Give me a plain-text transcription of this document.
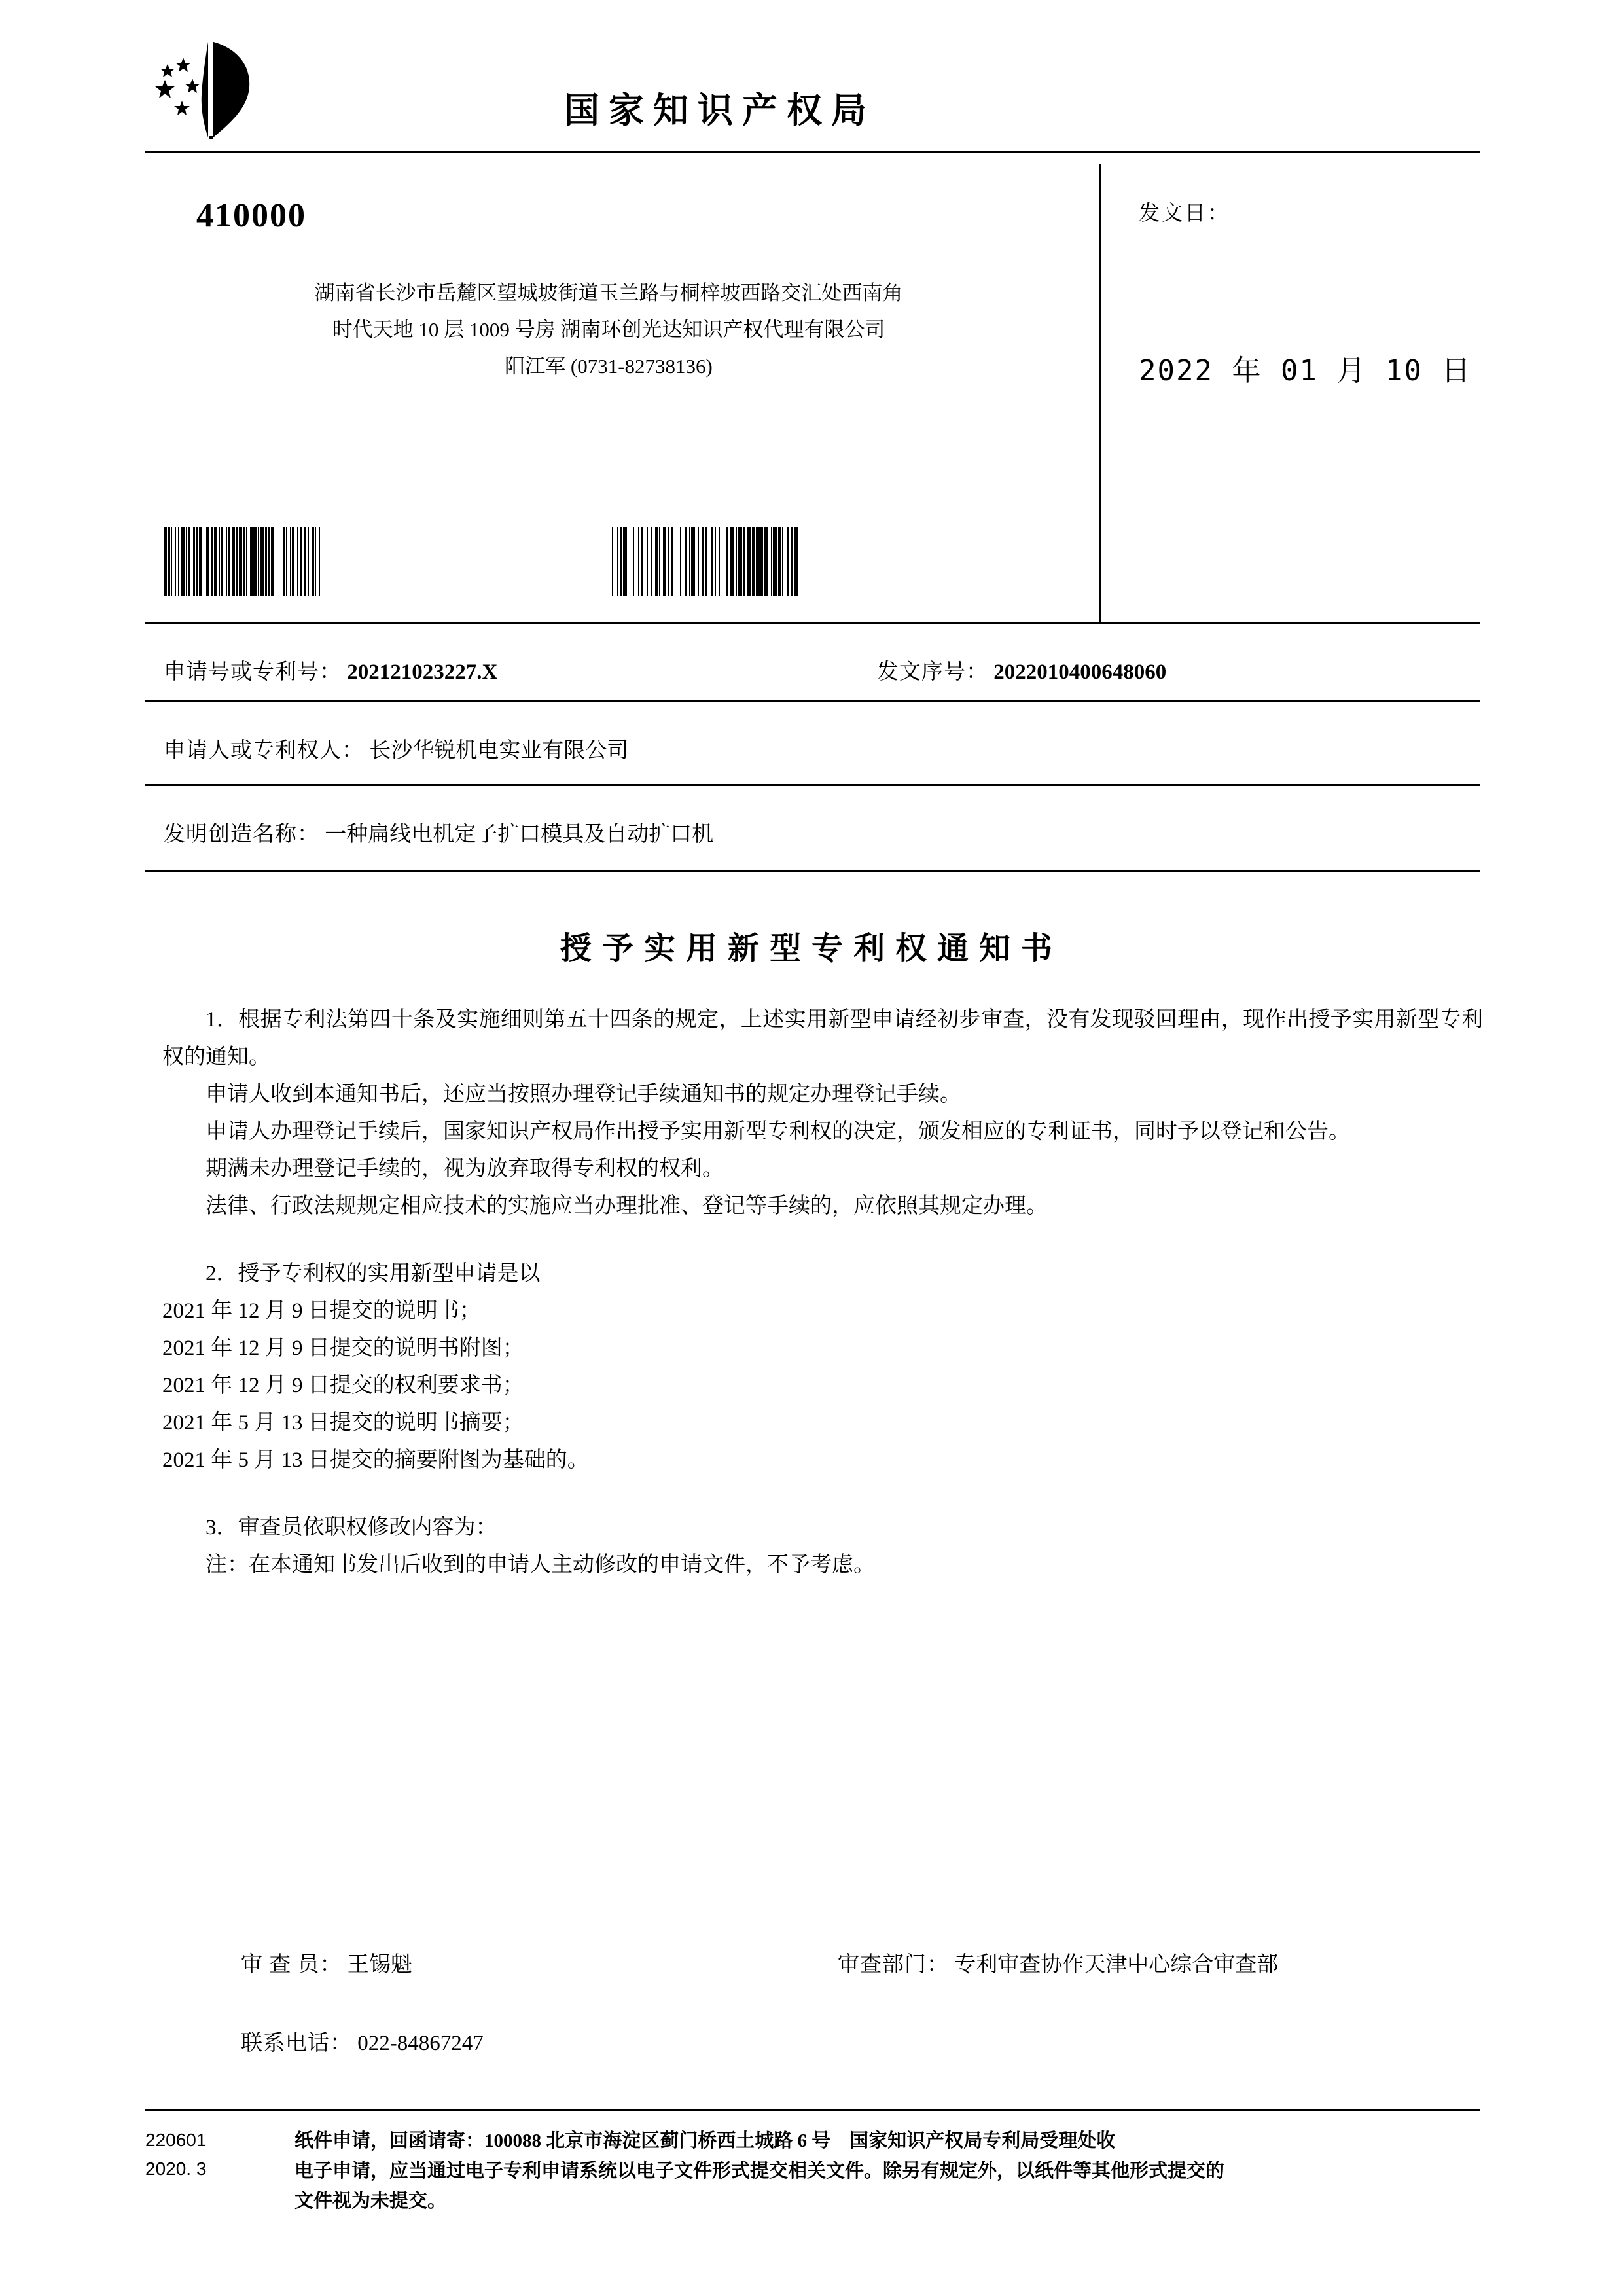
国家知识产权局
410000
湖南省长沙市岳麓区望城坡街道玉兰路与桐梓坡西路交汇处西南角
时代天地 10 层 1009 号房 湖南环创光达知识产权代理有限公司
阳江军 (0731-82738136)
发文日：
2022 年 01 月 10 日
申请号或专利号： 202121023227.X	发文序号： 2022010400648060
申请人或专利权人： 长沙华锐机电实业有限公司
发明创造名称： 一种扁线电机定子扩口模具及自动扩口机
授予实用新型专利权通知书

1．根据专利法第四十条及实施细则第五十四条的规定，上述实用新型申请经初步审查，没有发现驳回理由，现作出授予实用新型专利权的通知。

申请人收到本通知书后，还应当按照办理登记手续通知书的规定办理登记手续。

申请人办理登记手续后，国家知识产权局作出授予实用新型专利权的决定，颁发相应的专利证书，同时予以登记和公告。

期满未办理登记手续的，视为放弃取得专利权的权利。

法律、行政法规规定相应技术的实施应当办理批准、登记等手续的，应依照其规定办理。

2．授予专利权的实用新型申请是以

2021 年 12 月 9 日提交的说明书；

2021 年 12 月 9 日提交的说明书附图；

2021 年 12 月 9 日提交的权利要求书；

2021 年 5 月 13 日提交的说明书摘要；

2021 年 5 月 13 日提交的摘要附图为基础的。

3．审查员依职权修改内容为：

注：在本通知书发出后收到的申请人主动修改的申请文件，不予考虑。

审 查 员： 王锡魁	审查部门： 专利审查协作天津中心综合审查部
联系电话： 022-84867247
220601
2020. 3
纸件申请，回函请寄：100088 北京市海淀区蓟门桥西土城路 6 号　国家知识产权局专利局受理处收
电子申请，应当通过电子专利申请系统以电子文件形式提交相关文件。除另有规定外，以纸件等其他形式提交的
文件视为未提交。
